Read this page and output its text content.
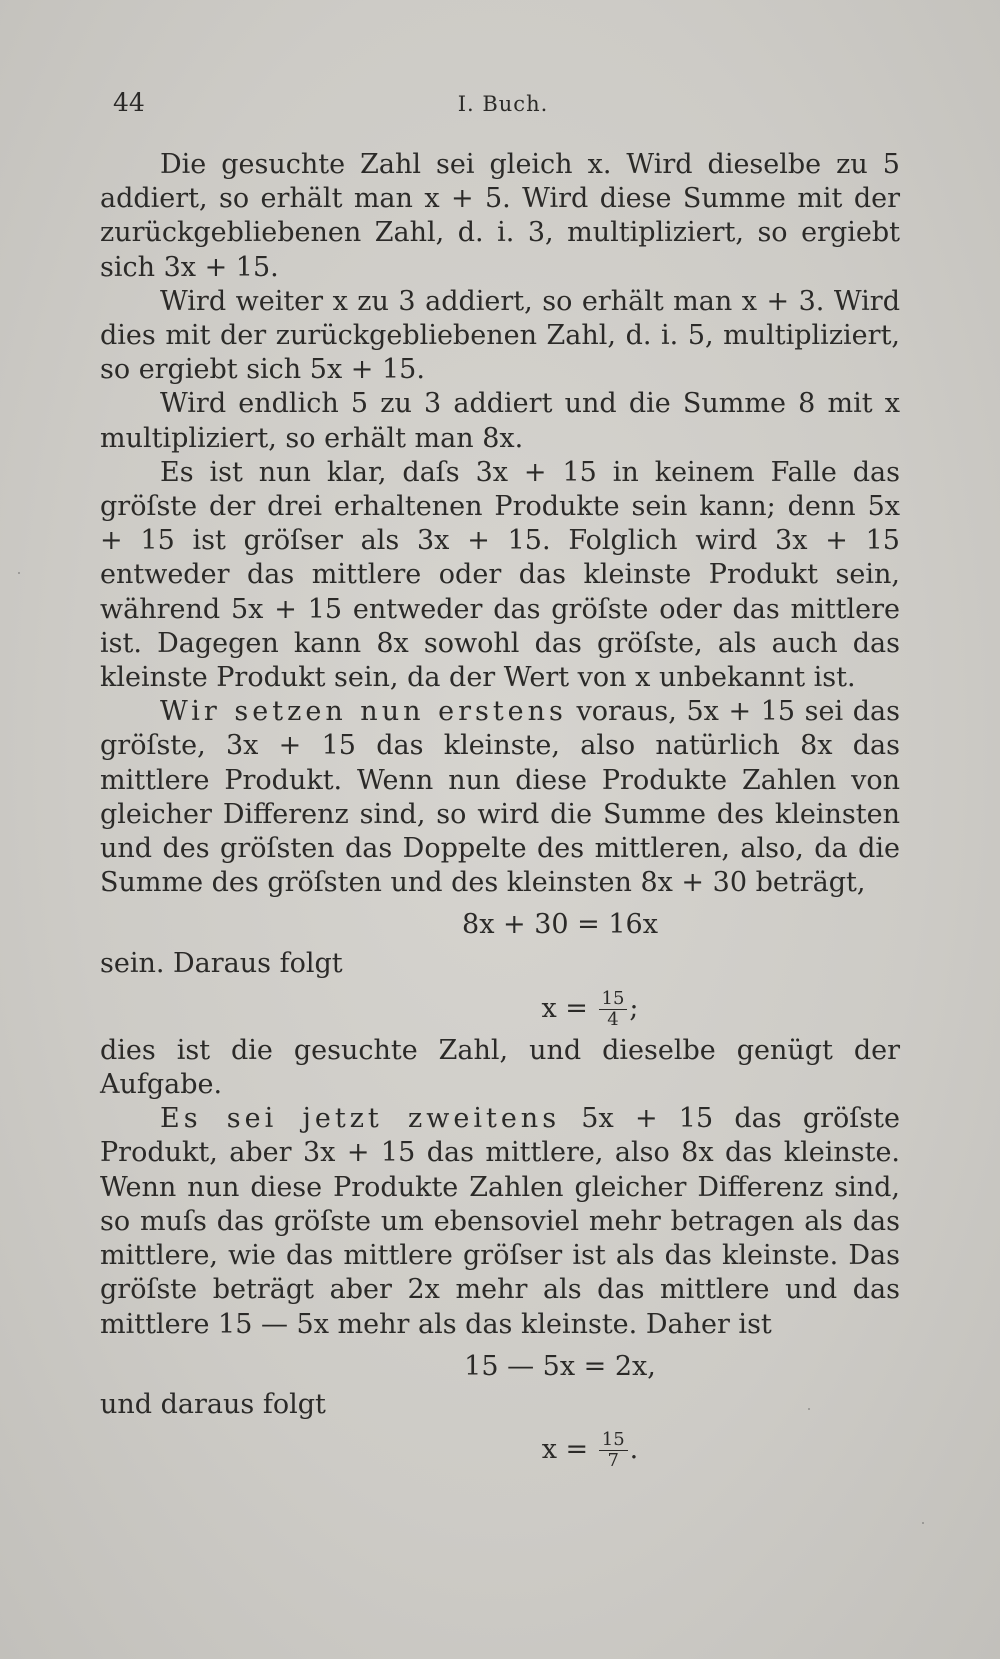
44	I. Buch.

Die gesuchte Zahl sei gleich x. Wird dieselbe zu 5 addiert, so erhält man x + 5. Wird diese Summe mit der zurückgebliebenen Zahl, d. i. 3, multipliziert, so ergiebt sich 3x + 15.

Wird weiter x zu 3 addiert, so erhält man x + 3. Wird dies mit der zurückgebliebenen Zahl, d. i. 5, multipliziert, so ergiebt sich 5x + 15.

Wird endlich 5 zu 3 addiert und die Summe 8 mit x multipliziert, so erhält man 8x.

Es ist nun klar, daſs 3x + 15 in keinem Falle das gröſste der drei erhaltenen Produkte sein kann; denn 5x + 15 ist gröſser als 3x + 15. Folglich wird 3x + 15 entweder das mittlere oder das kleinste Produkt sein, während 5x + 15 entweder das gröſste oder das mittlere ist. Dagegen kann 8x sowohl das gröſste, als auch das kleinste Produkt sein, da der Wert von x unbekannt ist.

Wir setzen nun erstens voraus, 5x + 15 sei das gröſste, 3x + 15 das kleinste, also natürlich 8x das mittlere Produkt. Wenn nun diese Produkte Zahlen von gleicher Differenz sind, so wird die Summe des kleinsten und des gröſsten das Doppelte des mittleren, also, da die Summe des gröſsten und des kleinsten 8x + 30 beträgt,

8x + 30 = 16x

sein. Daraus folgt

$x = \frac{15}{4}$ ;

dies ist die gesuchte Zahl, und dieselbe genügt der Aufgabe.

Es sei jetzt zweitens 5x + 15 das gröſste Produkt, aber 3x + 15 das mittlere, also 8x das kleinste. Wenn nun diese Produkte Zahlen gleicher Differenz sind, so muſs das gröſste um ebensoviel mehr betragen als das mittlere, wie das mittlere gröſser ist als das kleinste. Das gröſste beträgt aber 2x mehr als das mittlere und das mittlere 15 — 5x mehr als das kleinste. Daher ist

15 — 5x = 2x,

und daraus folgt

$x = \frac{15}{7}$ .
